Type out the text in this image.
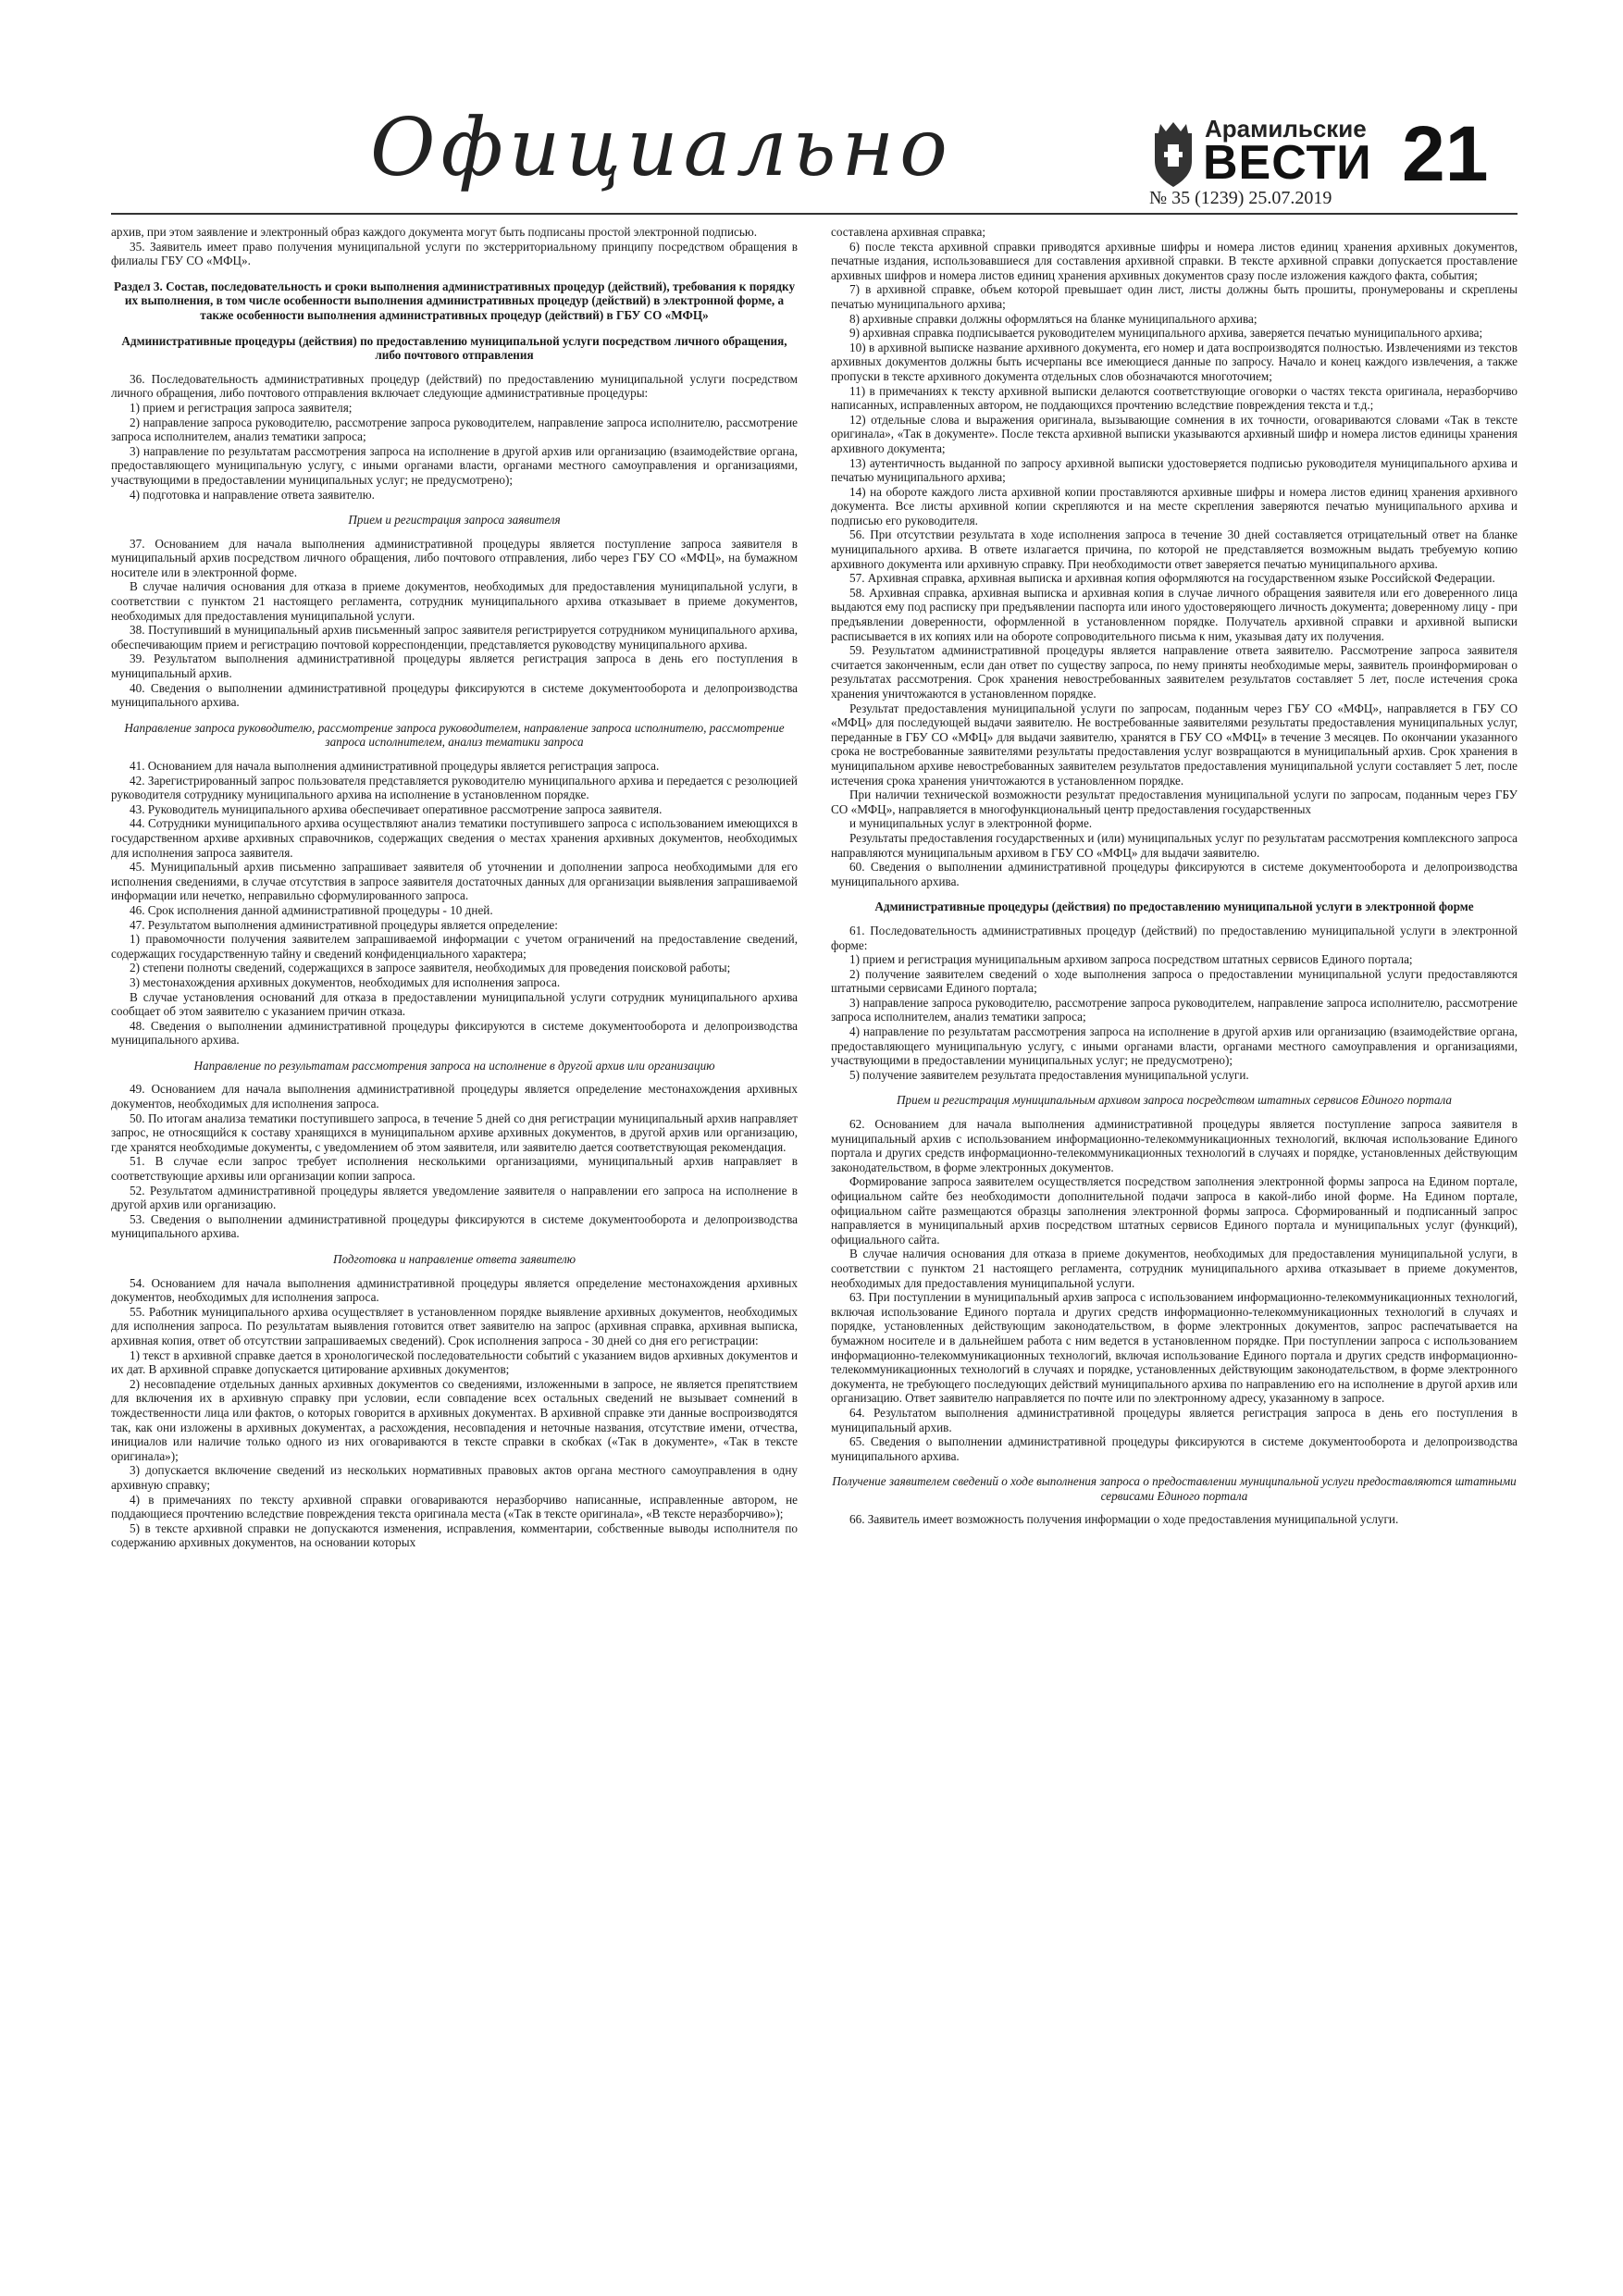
Официально	Арамильские
ВЕСТИ 21
№ 35 (1239) 25.07.2019

архив, при этом заявление и электронный образ каждого документа могут быть подписаны простой электронной подписью.

35. Заявитель имеет право получения муниципальной услуги по экстерриториальному принципу посредством обращения в филиалы ГБУ СО «МФЦ».

Раздел 3. Состав, последовательность и сроки выполнения административных процедур (действий), требования к порядку их выполнения, в том числе особенности выполнения административных процедур (действий) в электронной форме, а также особенности выполнения административных процедур (действий) в ГБУ СО «МФЦ»
Административные процедуры (действия) по предоставлению муниципальной услуги посредством личного обращения, либо почтового отправления

36. Последовательность административных процедур (действий) по предоставлению муниципальной услуги посредством личного обращения, либо почтового отправления включает следующие административные процедуры:

1) прием и регистрация запроса заявителя;

2) направление запроса руководителю, рассмотрение запроса руководителем, направление запроса исполнителю, рассмотрение запроса исполнителем, анализ тематики запроса;

3) направление по результатам рассмотрения запроса на исполнение в другой архив или организацию (взаимодействие органа, предоставляющего муниципальную услугу, с иными органами власти, органами местного самоуправления и организациями, участвующими в предоставлении муниципальных услуг; не предусмотрено);

4) подготовка и направление ответа заявителю.

Прием и регистрация запроса заявителя

37. Основанием для начала выполнения административной процедуры является поступление запроса заявителя в муниципальный архив посредством личного обращения, либо почтового отправления, либо через ГБУ СО «МФЦ», на бумажном носителе или в электронной форме.

В случае наличия основания для отказа в приеме документов, необходимых для предоставления муниципальной услуги, в соответствии с пунктом 21 настоящего регламента, сотрудник муниципального архива отказывает в приеме документов, необходимых для предоставления муниципальной услуги.

38. Поступивший в муниципальный архив письменный запрос заявителя регистрируется сотрудником муниципального архива, обеспечивающим прием и регистрацию почтовой корреспонденции, представляется руководству муниципального архива.

39. Результатом выполнения административной процедуры является регистрация запроса в день его поступления в муниципальный архив.

40. Сведения о выполнении административной процедуры фиксируются в системе документооборота и делопроизводства муниципального архива.

Направление запроса руководителю, рассмотрение запроса руководителем, направление запроса исполнителю, рассмотрение запроса исполнителем, анализ тематики запроса

41. Основанием для начала выполнения административной процедуры является регистрация запроса.

42. Зарегистрированный запрос пользователя представляется руководителю муниципального архива и передается с резолюцией руководителя сотруднику муниципального архива на исполнение в установленном порядке.

43. Руководитель муниципального архива обеспечивает оперативное рассмотрение запроса заявителя.

44. Сотрудники муниципального архива осуществляют анализ тематики поступившего запроса с использованием имеющихся в государственном архиве архивных справочников, содержащих сведения о местах хранения архивных документов, необходимых для исполнения запроса заявителя.

45. Муниципальный архив письменно запрашивает заявителя об уточнении и дополнении запроса необходимыми для его исполнения сведениями, в случае отсутствия в запросе заявителя достаточных данных для организации выявления запрашиваемой информации или нечетко, неправильно сформулированного запроса.

46. Срок исполнения данной административной процедуры - 10 дней.

47. Результатом выполнения административной процедуры является определение:

1) правомочности получения заявителем запрашиваемой информации с учетом ограничений на предоставление сведений, содержащих государственную тайну и сведений конфиденциального характера;

2) степени полноты сведений, содержащихся в запросе заявителя, необходимых для проведения поисковой работы;

3) местонахождения архивных документов, необходимых для исполнения запроса.

В случае установления оснований для отказа в предоставлении муниципальной услуги сотрудник муниципального архива сообщает об этом заявителю с указанием причин отказа.

48. Сведения о выполнении административной процедуры фиксируются в системе документооборота и делопроизводства муниципального архива.

Направление по результатам рассмотрения запроса на исполнение в другой архив или организацию

49. Основанием для начала выполнения административной процедуры является определение местонахождения архивных документов, необходимых для исполнения запроса.

50. По итогам анализа тематики поступившего запроса, в течение 5 дней со дня регистрации муниципальный архив направляет запрос, не относящийся к составу хранящихся в муниципальном архиве архивных документов, в другой архив или организацию, где хранятся необходимые документы, с уведомлением об этом заявителя, или заявителю дается соответствующая рекомендация.

51. В случае если запрос требует исполнения несколькими организациями, муниципальный архив направляет в соответствующие архивы или организации копии запроса.

52. Результатом административной процедуры является уведомление заявителя о направлении его запроса на исполнение в другой архив или организацию.

53. Сведения о выполнении административной процедуры фиксируются в системе документооборота и делопроизводства муниципального архива.

Подготовка и направление ответа заявителю

54. Основанием для начала выполнения административной процедуры является определение местонахождения архивных документов, необходимых для исполнения запроса.

55. Работник муниципального архива осуществляет в установленном порядке выявление архивных документов, необходимых для исполнения запроса. По результатам выявления готовится ответ заявителю на запрос (архивная справка, архивная выписка, архивная копия, ответ об отсутствии запрашиваемых сведений). Срок исполнения запроса - 30 дней со дня его регистрации:

1) текст в архивной справке дается в хронологической последовательности событий с указанием видов архивных документов и их дат. В архивной справке допускается цитирование архивных документов;

2) несовпадение отдельных данных архивных документов со сведениями, изложенными в запросе, не является препятствием для включения их в архивную справку при условии, если совпадение всех остальных сведений не вызывает сомнений в тождественности лица или фактов, о которых говорится в архивных документах. В архивной справке эти данные воспроизводятся так, как они изложены в архивных документах, а расхождения, несовпадения и неточные названия, отсутствие имени, отчества, инициалов или наличие только одного из них оговариваются в тексте справки в скобках («Так в документе», «Так в тексте оригинала»);

3) допускается включение сведений из нескольких нормативных правовых актов органа местного самоуправления в одну архивную справку;

4) в примечаниях по тексту архивной справки оговариваются неразборчиво написанные, исправленные автором, не поддающиеся прочтению вследствие повреждения текста оригинала места («Так в тексте оригинала», «В тексте неразборчиво»);

5) в тексте архивной справки не допускаются изменения, исправления, комментарии, собственные выводы исполнителя по содержанию архивных документов, на основании которых

составлена архивная справка;

6) после текста архивной справки приводятся архивные шифры и номера листов единиц хранения архивных документов, печатные издания, использовавшиеся для составления архивной справки. В тексте архивной справки допускается проставление архивных шифров и номера листов единиц хранения архивных документов сразу после изложения каждого факта, события;

7) в архивной справке, объем которой превышает один лист, листы должны быть прошиты, пронумерованы и скреплены печатью муниципального архива;

8) архивные справки должны оформляться на бланке муниципального архива;

9) архивная справка подписывается руководителем муниципального архива, заверяется печатью муниципального архива;

10) в архивной выписке название архивного документа, его номер и дата воспроизводятся полностью. Извлечениями из текстов архивных документов должны быть исчерпаны все имеющиеся данные по запросу. Начало и конец каждого извлечения, а также пропуски в тексте архивного документа отдельных слов обозначаются многоточием;

11) в примечаниях к тексту архивной выписки делаются соответствующие оговорки о частях текста оригинала, неразборчиво написанных, исправленных автором, не поддающихся прочтению вследствие повреждения текста и т.д.;

12) отдельные слова и выражения оригинала, вызывающие сомнения в их точности, оговариваются словами «Так в тексте оригинала», «Так в документе». После текста архивной выписки указываются архивный шифр и номера листов единицы хранения архивного документа;

13) аутентичность выданной по запросу архивной выписки удостоверяется подписью руководителя муниципального архива и печатью муниципального архива;

14) на обороте каждого листа архивной копии проставляются архивные шифры и номера листов единиц хранения архивного документа. Все листы архивной копии скрепляются и на месте скрепления заверяются печатью муниципального архива и подписью его руководителя.

56. При отсутствии результата в ходе исполнения запроса в течение 30 дней составляется отрицательный ответ на бланке муниципального архива. В ответе излагается причина, по которой не представляется возможным выдать требуемую копию архивного документа или архивную справку. При необходимости ответ заверяется печатью муниципального архива.

57. Архивная справка, архивная выписка и архивная копия оформляются на государственном языке Российской Федерации.

58. Архивная справка, архивная выписка и архивная копия в случае личного обращения заявителя или его доверенного лица выдаются ему под расписку при предъявлении паспорта или иного удостоверяющего личность документа; доверенному лицу - при предъявлении доверенности, оформленной в установленном порядке. Получатель архивной справки и архивной выписки расписывается в их копиях или на обороте сопроводительного письма к ним, указывая дату их получения.

59. Результатом административной процедуры является направление ответа заявителю. Рассмотрение запроса заявителя считается законченным, если дан ответ по существу запроса, по нему приняты необходимые меры, заявитель проинформирован о результатах рассмотрения. Срок хранения невостребованных заявителем результатов составляет 5 лет, после истечения срока хранения уничтожаются в установленном порядке.

Результат предоставления муниципальной услуги по запросам, поданным через ГБУ СО «МФЦ», направляется в ГБУ СО «МФЦ» для последующей выдачи заявителю. Не востребованные заявителями результаты предоставления муниципальных услуг, переданные в ГБУ СО «МФЦ» для выдачи заявителю, хранятся в ГБУ СО «МФЦ» в течение 3 месяцев. По окончании указанного срока не востребованные заявителями результаты предоставления услуг возвращаются в муниципальный архив. Срок хранения в муниципальном архиве невостребованных заявителем результатов предоставления муниципальной услуги составляет 5 лет, после истечения срока хранения уничтожаются в установленном порядке.

При наличии технической возможности результат предоставления муниципальной услуги по запросам, поданным через ГБУ СО «МФЦ», направляется в многофункциональный центр предоставления государственных

и муниципальных услуг в электронной форме.

Результаты предоставления государственных и (или) муниципальных услуг по результатам рассмотрения комплексного запроса направляются муниципальным архивом в ГБУ СО «МФЦ» для выдачи заявителю.

60. Сведения о выполнении административной процедуры фиксируются в системе документооборота и делопроизводства муниципального архива.

Административные процедуры (действия) по предоставлению муниципальной услуги в электронной форме

61. Последовательность административных процедур (действий) по предоставлению муниципальной услуги в электронной форме:

1) прием и регистрация муниципальным архивом запроса посредством штатных сервисов Единого портала;

2) получение заявителем сведений о ходе выполнения запроса о предоставлении муниципальной услуги предоставляются штатными сервисами Единого портала;

3) направление запроса руководителю, рассмотрение запроса руководителем, направление запроса исполнителю, рассмотрение запроса исполнителем, анализ тематики запроса;

4) направление по результатам рассмотрения запроса на исполнение в другой архив или организацию (взаимодействие органа, предоставляющего муниципальную услугу, с иными органами власти, органами местного самоуправления и организациями, участвующими в предоставлении муниципальных услуг; не предусмотрено);

5) получение заявителем результата предоставления муниципальной услуги.

Прием и регистрация муниципальным архивом запроса посредством штатных сервисов Единого портала

62. Основанием для начала выполнения административной процедуры является поступление запроса заявителя в муниципальный архив с использованием информационно-телекоммуникационных технологий, включая использование Единого портала и других средств информационно-телекоммуникационных технологий в случаях и порядке, установленных действующим законодательством, в форме электронных документов.

Формирование запроса заявителем осуществляется посредством заполнения электронной формы запроса на Едином портале, официальном сайте без необходимости дополнительной подачи запроса в какой-либо иной форме. На Едином портале, официальном сайте размещаются образцы заполнения электронной формы запроса. Сформированный и подписанный запрос направляется в муниципальный архив посредством штатных сервисов Единого портала и муниципальных услуг (функций), официального сайта.

В случае наличия основания для отказа в приеме документов, необходимых для предоставления муниципальной услуги, в соответствии с пунктом 21 настоящего регламента, сотрудник муниципального архива отказывает в приеме документов, необходимых для предоставления муниципальной услуги.

63. При поступлении в муниципальный архив запроса с использованием информационно-телекоммуникационных технологий, включая использование Единого портала и других средств информационно-телекоммуникационных технологий в случаях и порядке, установленных действующим законодательством, в форме электронных документов, запрос распечатывается на бумажном носителе и в дальнейшем работа с ним ведется в установленном порядке. При поступлении запроса с использованием информационно-телекоммуникационных технологий, включая использование Единого портала и других средств информационно-телекоммуникационных технологий в случаях и порядке, установленных действующим законодательством, в форме электронного документа, не требующего последующих действий муниципального архива по направлению его на исполнение в другой архив или организацию. Ответ заявителю направляется по почте или по электронному адресу, указанному в запросе.

64. Результатом выполнения административной процедуры является регистрация запроса в день его поступления в муниципальный архив.

65. Сведения о выполнении административной процедуры фиксируются в системе документооборота и делопроизводства муниципального архива.

Получение заявителем сведений о ходе выполнения запроса о предоставлении муниципальной услуги предоставляются штатными сервисами Единого портала

66. Заявитель имеет возможность получения информации о ходе предоставления муниципальной услуги.
